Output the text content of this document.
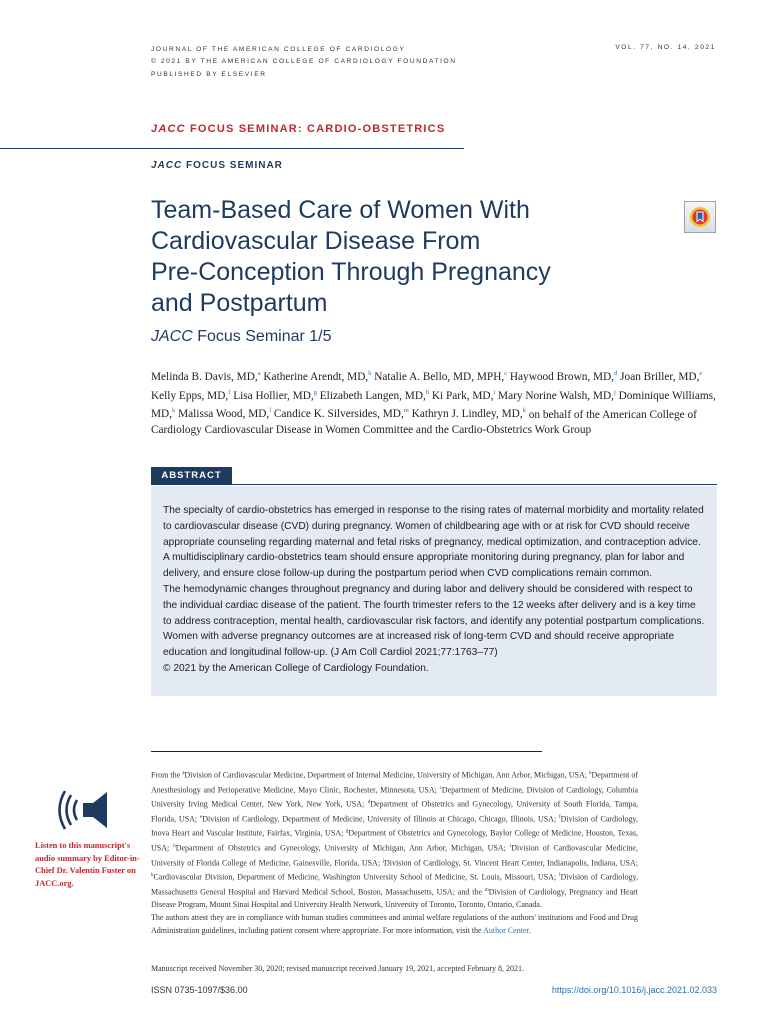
JOURNAL OF THE AMERICAN COLLEGE OF CARDIOLOGY
© 2021 BY THE AMERICAN COLLEGE OF CARDIOLOGY FOUNDATION
PUBLISHED BY ELSEVIER
VOL. 77, NO. 14, 2021
JACC FOCUS SEMINAR: CARDIO-OBSTETRICS
JACC FOCUS SEMINAR
Team-Based Care of Women With
Cardiovascular Disease From
Pre-Conception Through Pregnancy
and Postpartum
JACC Focus Seminar 1/5
Melinda B. Davis, MD,$^a$ Katherine Arendt, MD,$^b$ Natalie A. Bello, MD, MPH,$^c$ Haywood Brown, MD,$^d$ Joan Briller, MD,$^e$ Kelly Epps, MD,$^f$ Lisa Hollier, MD,$^g$ Elizabeth Langen, MD,$^h$ Ki Park, MD,$^i$ Mary Norine Walsh, MD,$^j$ Dominique Williams, MD,$^k$ Malissa Wood, MD,$^l$ Candice K. Silversides, MD,$^m$ Kathryn J. Lindley, MD,$^k$ on behalf of the American College of Cardiology Cardiovascular Disease in Women Committee and the Cardio-Obstetrics Work Group
ABSTRACT

The specialty of cardio-obstetrics has emerged in response to the rising rates of maternal morbidity and mortality related to cardiovascular disease (CVD) during pregnancy. Women of childbearing age with or at risk for CVD should receive appropriate counseling regarding maternal and fetal risks of pregnancy, medical optimization, and contraception advice. A multidisciplinary cardio-obstetrics team should ensure appropriate monitoring during pregnancy, plan for labor and delivery, and ensure close follow-up during the postpartum period when CVD complications remain common.

The hemodynamic changes throughout pregnancy and during labor and delivery should be considered with respect to the individual cardiac disease of the patient. The fourth trimester refers to the 12 weeks after delivery and is a key time to address contraception, mental health, cardiovascular risk factors, and identify any potential postpartum complications. Women with adverse pregnancy outcomes are at increased risk of long-term CVD and should receive appropriate education and longitudinal follow-up. (J Am Coll Cardiol 2021;77:1763–77)

© 2021 by the American College of Cardiology Foundation.

Listen to this manuscript's audio summary by Editor-in-Chief Dr. Valentin Fuster on JACC.org.

From the $^a$Division of Cardiovascular Medicine, Department of Internal Medicine, University of Michigan, Ann Arbor, Michigan, USA; $^b$Department of Anesthesiology and Perioperative Medicine, Mayo Clinic, Rochester, Minnesota, USA; $^c$Department of Medicine, Division of Cardiology, Columbia University Irving Medical Center, New York, New York, USA; $^d$Department of Obstetrics and Gynecology, University of South Florida, Tampa, Florida, USA; $^e$Division of Cardiology, Department of Medicine, University of Illinois at Chicago, Chicago, Illinois, USA; $^f$Division of Cardiology, Inova Heart and Vascular Institute, Fairfax, Virginia, USA; $^g$Department of Obstetrics and Gynecology, Baylor College of Medicine, Houston, Texas, USA; $^h$Department of Obstetrics and Gynecology, University of Michigan, Ann Arbor, Michigan, USA; $^i$Division of Cardiovascular Medicine, University of Florida College of Medicine, Gainesville, Florida, USA; $^j$Division of Cardiology, St. Vincent Heart Center, Indianapolis, Indiana, USA; $^k$Cardiovascular Division, Department of Medicine, Washington University School of Medicine, St. Louis, Missouri, USA; $^l$Division of Cardiology, Massachusetts General Hospital and Harvard Medical School, Boston, Massachusetts, USA; and the $^m$Division of Cardiology, Pregnancy and Heart Disease Program, Mount Sinai Hospital and University Health Network, University of Toronto, Toronto, Ontario, Canada.

The authors attest they are in compliance with human studies committees and animal welfare regulations of the authors' institutions and Food and Drug Administration guidelines, including patient consent where appropriate. For more information, visit the Author Center.

Manuscript received November 30, 2020; revised manuscript received January 19, 2021, accepted February 8, 2021.
ISSN 0735-1097/$36.00	https://doi.org/10.1016/j.jacc.2021.02.033
